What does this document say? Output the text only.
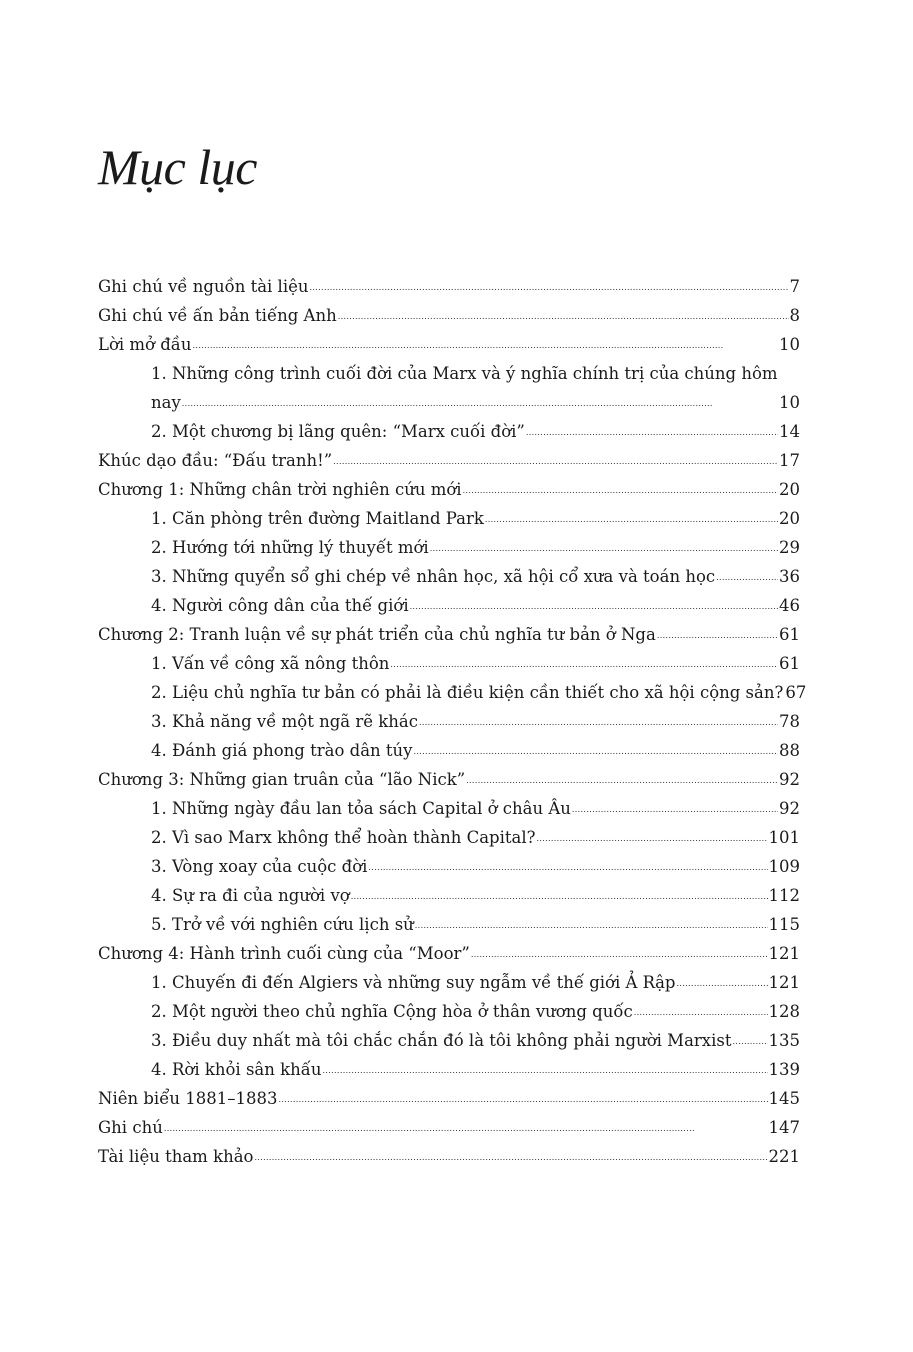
Mục lục
Ghi chú về nguồn tài liệu . . .	7
Ghi chú về ấn bản tiếng Anh . . .	8
Lời mở đầu . . .	10
1. Những công trình cuối đời của Marx và ý nghĩa chính trị của chúng hôm
nay . . .	10
2. Một chương bị lãng quên: “Marx cuối đời” . . .	14
Khúc dạo đầu: “Đấu tranh!” . . .	17
Chương 1: Những chân trời nghiên cứu mới . . .	20
1. Căn phòng trên đường Maitland Park . . .	20
2. Hướng tới những lý thuyết mới . . .	29
3. Những quyển sổ ghi chép về nhân học, xã hội cổ xưa và toán học . . .	36
4. Người công dân của thế giới . . .	46
Chương 2: Tranh luận về sự phát triển của chủ nghĩa tư bản ở Nga . . .	61
1. Vấn về công xã nông thôn . . .	61
2. Liệu chủ nghĩa tư bản có phải là điều kiện cần thiết cho xã hội cộng sản? 67
3. Khả năng về một ngã rẽ khác . . .	78
4. Đánh giá phong trào dân túy . . .	88
Chương 3: Những gian truân của “lão Nick” . . .	92
1. Những ngày đầu lan tỏa sách Capital ở châu Âu . . .	92
2. Vì sao Marx không thể hoàn thành Capital? . . .	101
3. Vòng xoay của cuộc đời . . .	109
4. Sự ra đi của người vợ . . .	112
5. Trở về với nghiên cứu lịch sử . . .	115
Chương 4: Hành trình cuối cùng của “Moor” . . .	121
1. Chuyến đi đến Algiers và những suy ngẫm về thế giới Ả Rập . . .	121
2. Một người theo chủ nghĩa Cộng hòa ở thân vương quốc . . .	128
3. Điều duy nhất mà tôi chắc chắn đó là tôi không phải người Marxist . . . 135
4. Rời khỏi sân khấu . . .	139
Niên biểu 1881–1883 . . .	145
Ghi chú . . .	147
Tài liệu tham khảo . . .	221
